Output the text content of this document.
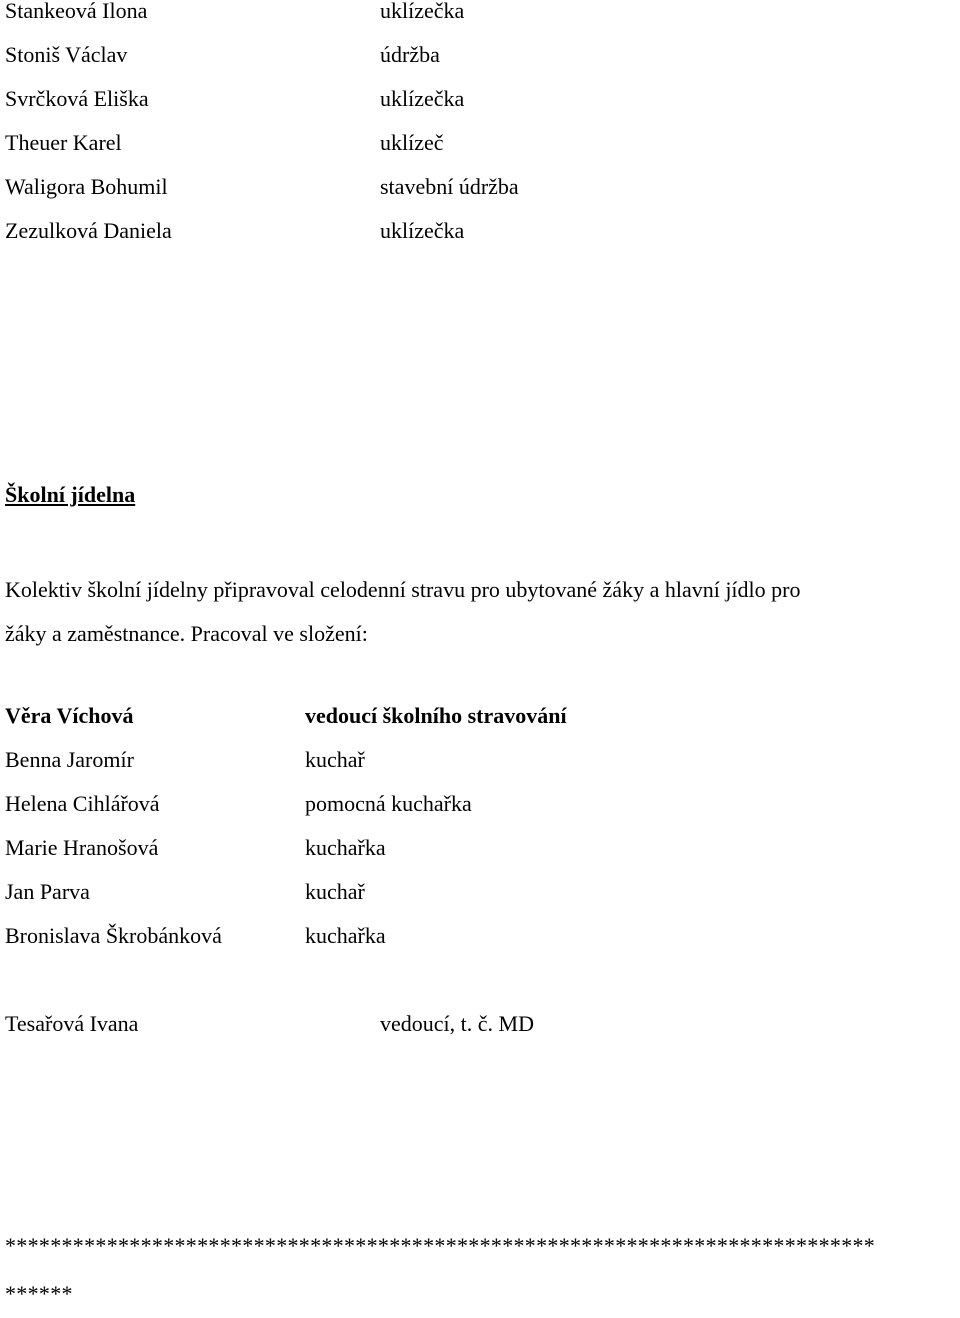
Stankeová Ilona	uklízečka
Stoniš Václav	údržba
Svrčková Eliška	uklízečka
Theuer Karel	uklízeč
Waligora Bohumil	stavební údržba
Zezulková Daniela	uklízečka
Školní jídelna
Kolektiv školní jídelny připravoval celodenní stravu pro ubytované žáky a hlavní jídlo pro
žáky a zaměstnance. Pracoval ve složení:
Věra Víchová	vedoucí školního stravování
Benna Jaromír	kuchař
Helena Cihlářová	pomocná kuchařka
Marie Hranošová	kuchařka
Jan Parva	kuchař
Bronislava Škrobánková	kuchařka
Tesařová Ivana	vedoucí, t. č. MD
*****************************************************************************
******
